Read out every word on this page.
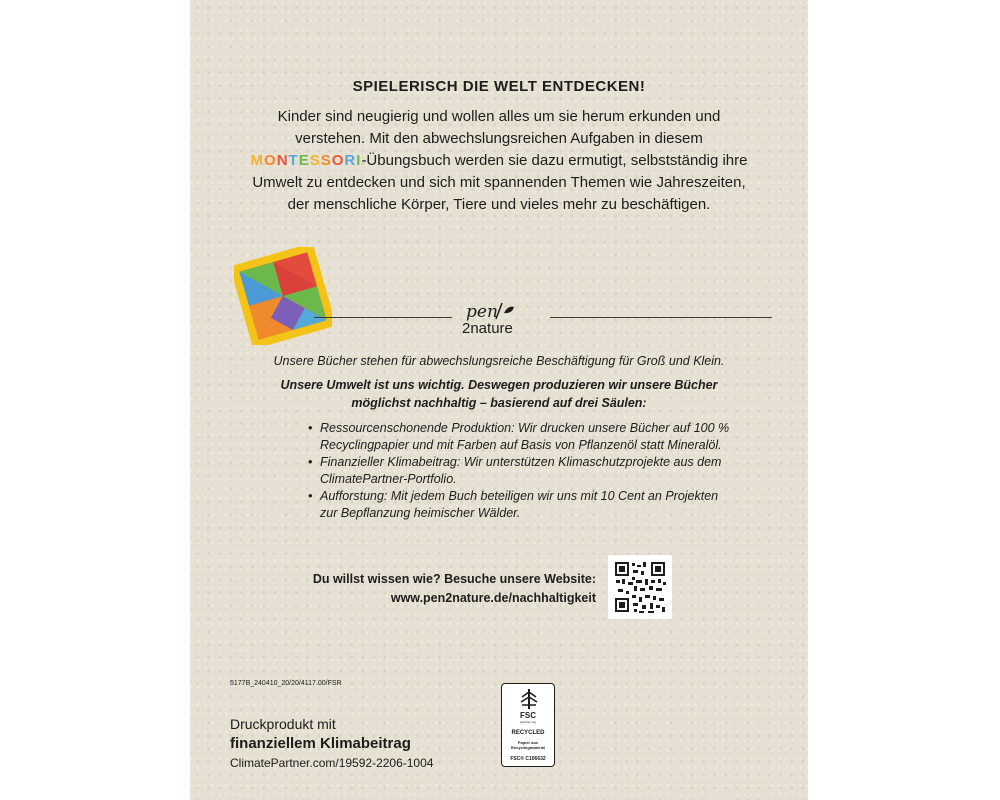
SPIELERISCH DIE WELT ENTDECKEN!
Kinder sind neugierig und wollen alles um sie herum erkunden und verstehen. Mit den abwechslungsreichen Aufgaben in diesem MONTESSORI-Übungsbuch werden sie dazu ermutigt, selbstständig ihre Umwelt zu entdecken und sich mit spannenden Themen wie Jahreszeiten, der menschliche Körper, Tiere und vieles mehr zu beschäftigen.
pen
2nature
Unsere Bücher stehen für abwechslungsreiche Beschäftigung für Groß und Klein.
Unsere Umwelt ist uns wichtig. Deswegen produzieren wir unsere Bücher möglichst nachhaltig – basierend auf drei Säulen:
• Ressourcenschonende Produktion: Wir drucken unsere Bücher auf 100 % Recyclingpapier und mit Farben auf Basis von Pflanzenöl statt Mineralöl.
• Finanzieller Klimabeitrag: Wir unterstützen Klimaschutzprojekte aus dem ClimatePartner-Portfolio.
• Aufforstung: Mit jedem Buch beteiligen wir uns mit 10 Cent an Projekten zur Bepflanzung heimischer Wälder.
Du willst wissen wie? Besuche unsere Website:
www.pen2nature.de/nachhaltigkeit
5177B_240410_20/20/4117.00/FSR
Druckprodukt mit
finanziellem Klimabeitrag
ClimatePartner.com/19592-2206-1004
FSC
www.fsc.org
RECYCLED
Papier aus Recyclingmaterial
FSC® C106632
